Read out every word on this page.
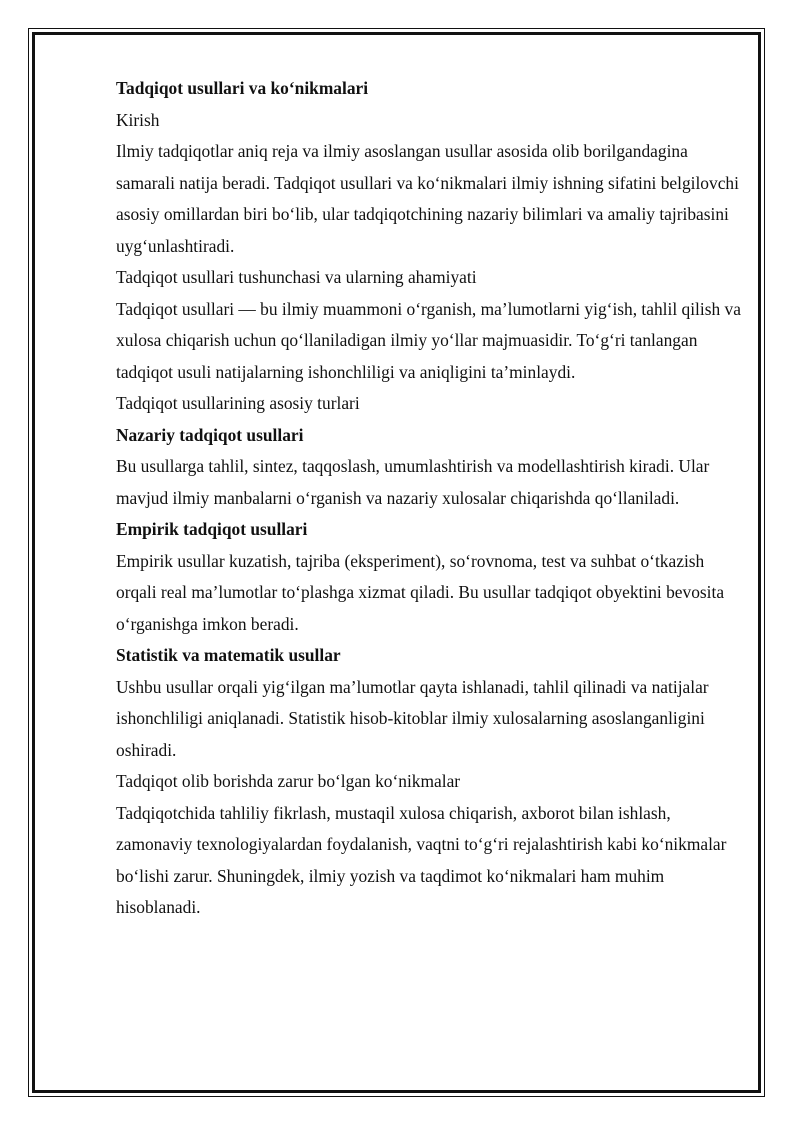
Tadqiqot usullari va ko‘nikmalari

Kirish

Ilmiy tadqiqotlar aniq reja va ilmiy asoslangan usullar asosida olib borilgandagina samarali natija beradi. Tadqiqot usullari va ko‘nikmalari ilmiy ishning sifatini belgilovchi asosiy omillardan biri bo‘lib, ular tadqiqotchining nazariy bilimlari va amaliy tajribasini uyg‘unlashtiradi.

Tadqiqot usullari tushunchasi va ularning ahamiyati

Tadqiqot usullari — bu ilmiy muammoni o‘rganish, ma’lumotlarni yig‘ish, tahlil qilish va xulosa chiqarish uchun qo‘llaniladigan ilmiy yo‘llar majmuasidir. To‘g‘ri tanlangan tadqiqot usuli natijalarning ishonchliligi va aniqligini ta’minlaydi.

Tadqiqot usullarining asosiy turlari

Nazariy tadqiqot usullari

Bu usullarga tahlil, sintez, taqqoslash, umumlashtirish va modellashtirish kiradi. Ular mavjud ilmiy manbalarni o‘rganish va nazariy xulosalar chiqarishda qo‘llaniladi.

Empirik tadqiqot usullari

Empirik usullar kuzatish, tajriba (eksperiment), so‘rovnoma, test va suhbat o‘tkazish orqali real ma’lumotlar to‘plashga xizmat qiladi. Bu usullar tadqiqot obyektini bevosita o‘rganishga imkon beradi.

Statistik va matematik usullar

Ushbu usullar orqali yig‘ilgan ma’lumotlar qayta ishlanadi, tahlil qilinadi va natijalar ishonchliligi aniqlanadi. Statistik hisob-kitoblar ilmiy xulosalarning asoslanganligini oshiradi.

Tadqiqot olib borishda zarur bo‘lgan ko‘nikmalar

Tadqiqotchida tahliliy fikrlash, mustaqil xulosa chiqarish, axborot bilan ishlash, zamonaviy texnologiyalardan foydalanish, vaqtni to‘g‘ri rejalashtirish kabi ko‘nikmalar bo‘lishi zarur. Shuningdek, ilmiy yozish va taqdimot ko‘nikmalari ham muhim hisoblanadi.
